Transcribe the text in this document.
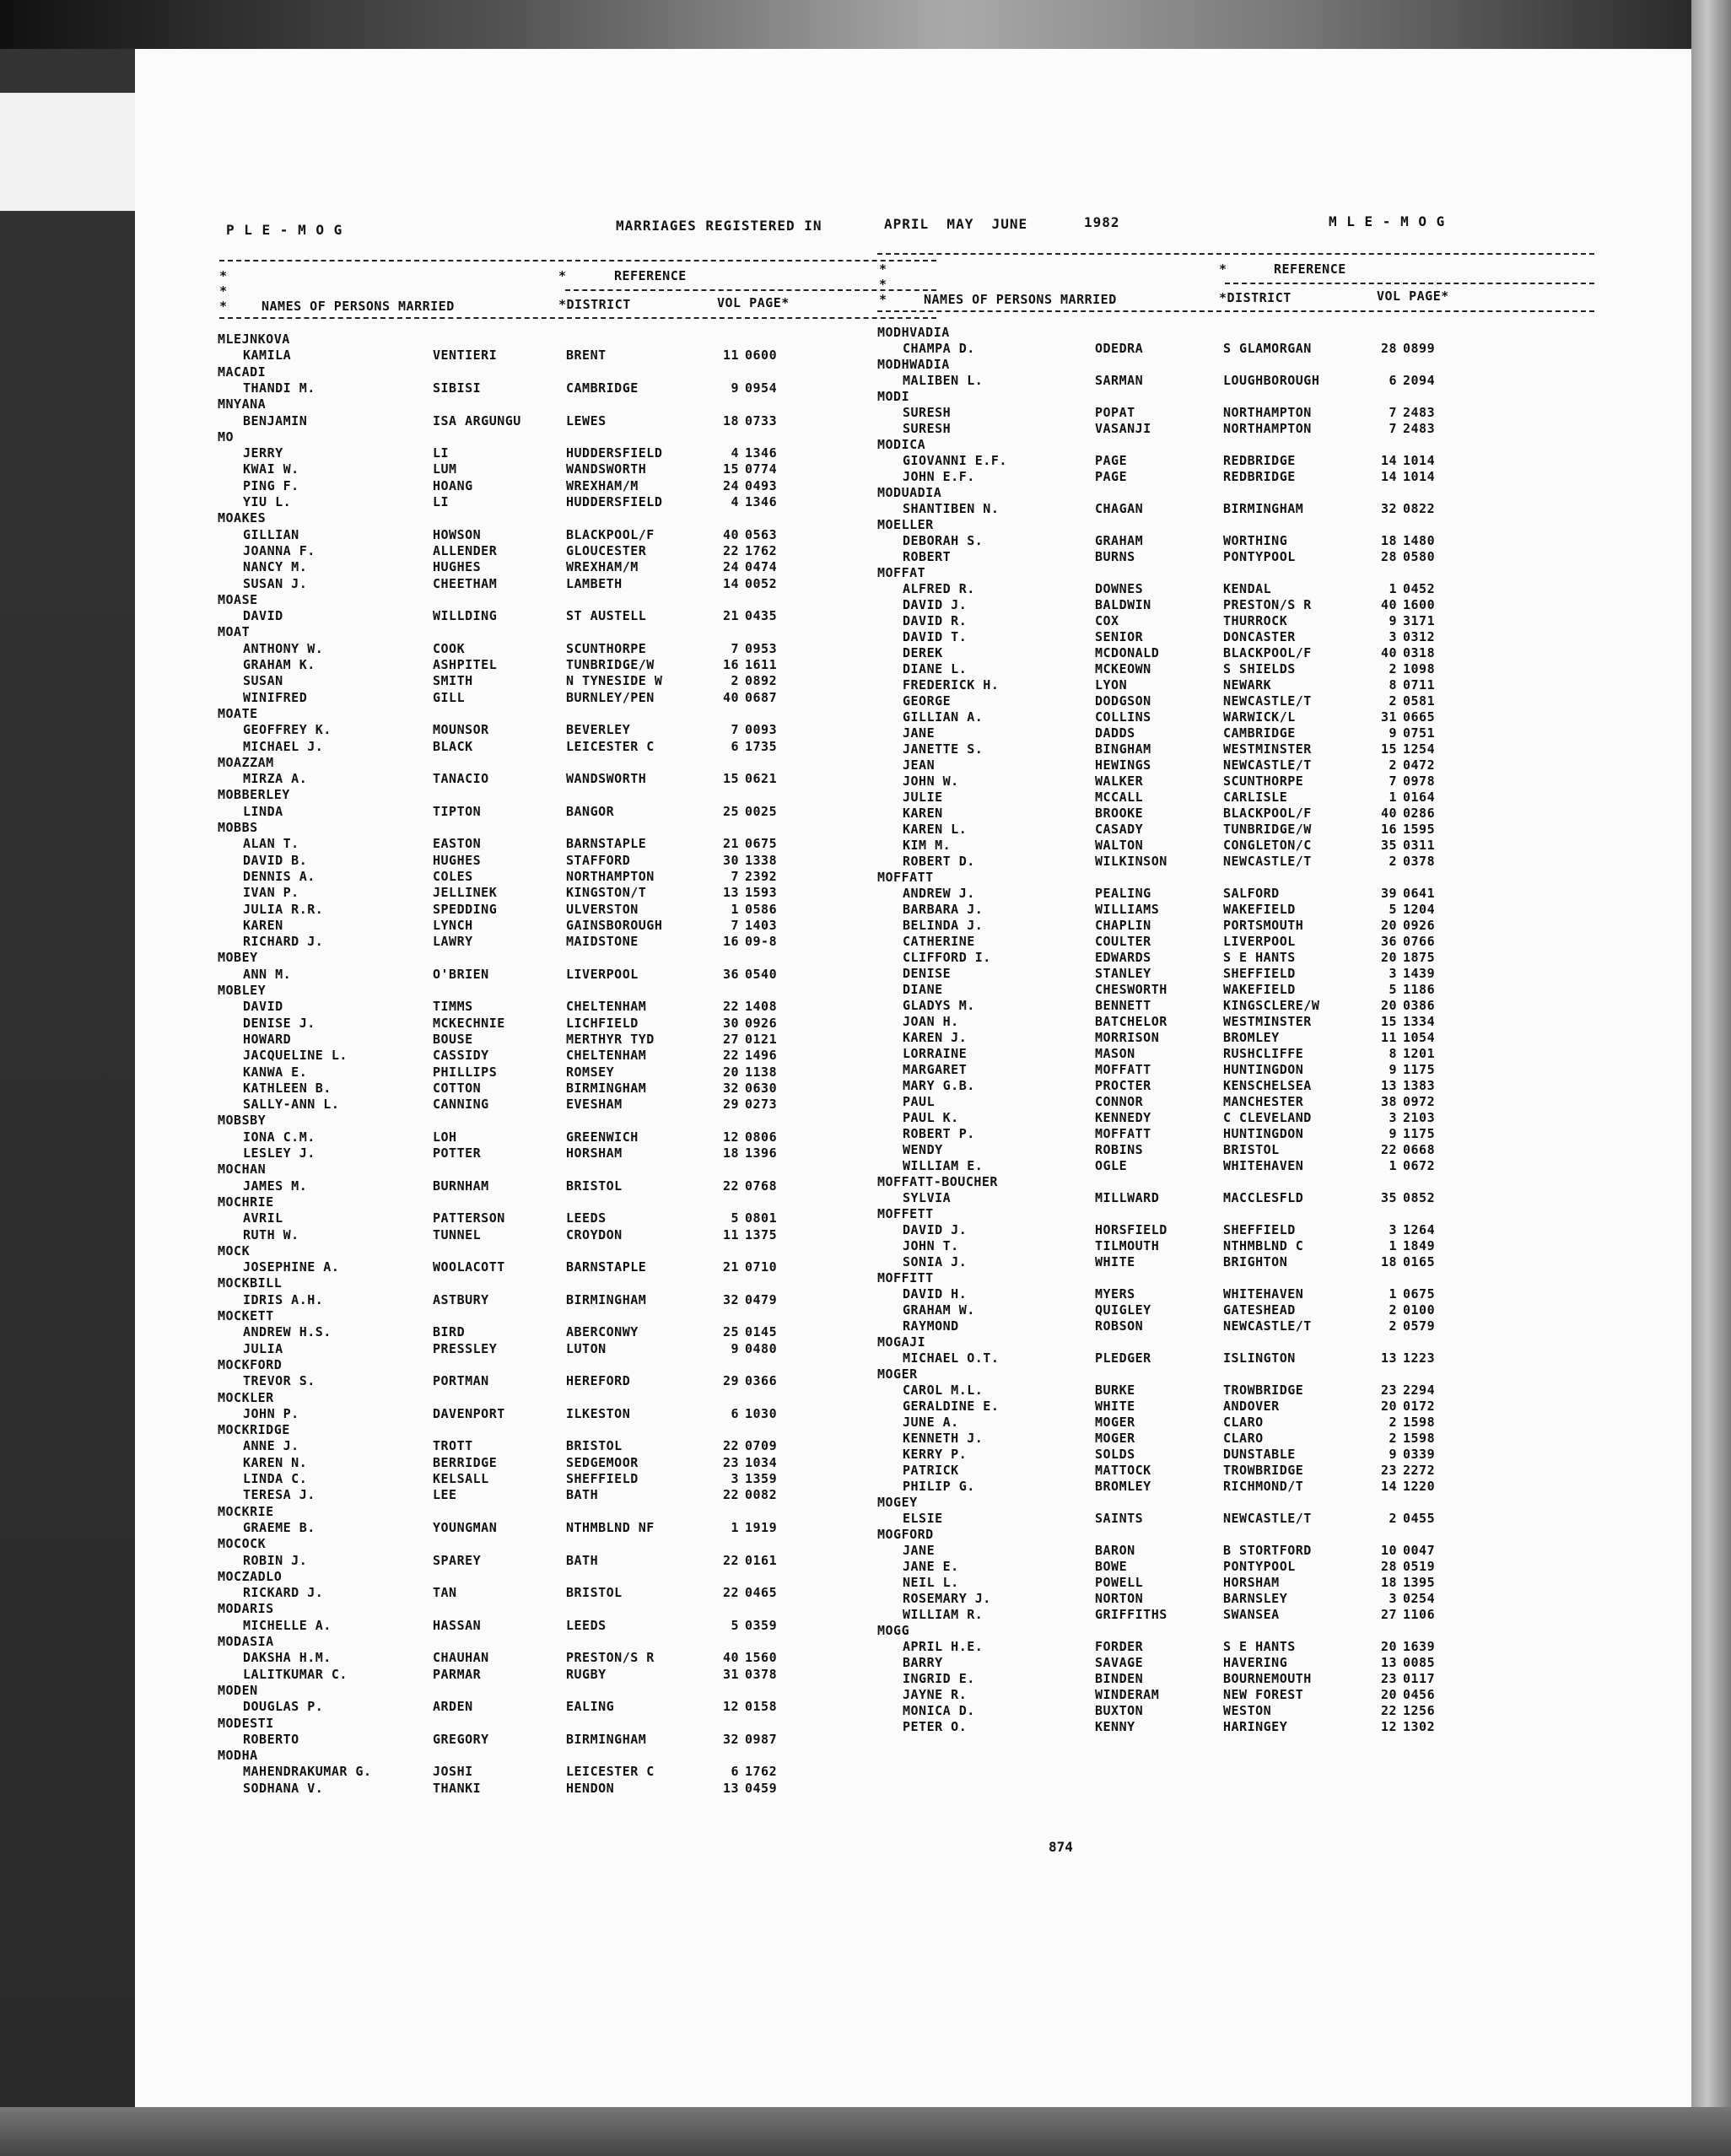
P L E - M O G	MARRIAGES REGISTERED IN	APRIL  MAY  JUNE	1982	M L E - M O G
*
*
*
*	REFERENCE
NAMES OF PERSONS MARRIED	*DISTRICT	VOL PAGE*
*
*
*
*	REFERENCE
NAMES OF PERSONS MARRIED	*DISTRICT	VOL PAGE*
MLEJNKOVA
KAMILA	VENTIERI	BRENT	11 0600
MACADI
THANDI M.	SIBISI	CAMBRIDGE	9 0954
MNYANA
BENJAMIN	ISA ARGUNGU	LEWES	18 0733
MO
JERRY	LI	HUDDERSFIELD	4 1346
KWAI W.	LUM	WANDSWORTH	15 0774
PING F.	HOANG	WREXHAM/M	24 0493
YIU L.	LI	HUDDERSFIELD	4 1346
MOAKES
GILLIAN	HOWSON	BLACKPOOL/F	40 0563
JOANNA F.	ALLENDER	GLOUCESTER	22 1762
NANCY M.	HUGHES	WREXHAM/M	24 0474
SUSAN J.	CHEETHAM	LAMBETH	14 0052
MOASE
DAVID	WILLDING	ST AUSTELL	21 0435
MOAT
ANTHONY W.	COOK	SCUNTHORPE	7 0953
GRAHAM K.	ASHPITEL	TUNBRIDGE/W	16 1611
SUSAN	SMITH	N TYNESIDE W	2 0892
WINIFRED	GILL	BURNLEY/PEN	40 0687
MOATE
GEOFFREY K.	MOUNSOR	BEVERLEY	7 0093
MICHAEL J.	BLACK	LEICESTER C	6 1735
MOAZZAM
MIRZA A.	TANACIO	WANDSWORTH	15 0621
MOBBERLEY
LINDA	TIPTON	BANGOR	25 0025
MOBBS
ALAN T.	EASTON	BARNSTAPLE	21 0675
DAVID B.	HUGHES	STAFFORD	30 1338
DENNIS A.	COLES	NORTHAMPTON	7 2392
IVAN P.	JELLINEK	KINGSTON/T	13 1593
JULIA R.R.	SPEDDING	ULVERSTON	1 0586
KAREN	LYNCH	GAINSBOROUGH	7 1403
RICHARD J.	LAWRY	MAIDSTONE	16 09-8
MOBEY
ANN M.	O'BRIEN	LIVERPOOL	36 0540
MOBLEY
DAVID	TIMMS	CHELTENHAM	22 1408
DENISE J.	MCKECHNIE	LICHFIELD	30 0926
HOWARD	BOUSE	MERTHYR TYD	27 0121
JACQUELINE L.	CASSIDY	CHELTENHAM	22 1496
KANWA E.	PHILLIPS	ROMSEY	20 1138
KATHLEEN B.	COTTON	BIRMINGHAM	32 0630
SALLY-ANN L.	CANNING	EVESHAM	29 0273
MOBSBY
IONA C.M.	LOH	GREENWICH	12 0806
LESLEY J.	POTTER	HORSHAM	18 1396
MOCHAN
JAMES M.	BURNHAM	BRISTOL	22 0768
MOCHRIE
AVRIL	PATTERSON	LEEDS	5 0801
RUTH W.	TUNNEL	CROYDON	11 1375
MOCK
JOSEPHINE A.	WOOLACOTT	BARNSTAPLE	21 0710
MOCKBILL
IDRIS A.H.	ASTBURY	BIRMINGHAM	32 0479
MOCKETT
ANDREW H.S.	BIRD	ABERCONWY	25 0145
JULIA	PRESSLEY	LUTON	9 0480
MOCKFORD
TREVOR S.	PORTMAN	HEREFORD	29 0366
MOCKLER
JOHN P.	DAVENPORT	ILKESTON	6 1030
MOCKRIDGE
ANNE J.	TROTT	BRISTOL	22 0709
KAREN N.	BERRIDGE	SEDGEMOOR	23 1034
LINDA C.	KELSALL	SHEFFIELD	3 1359
TERESA J.	LEE	BATH	22 0082
MOCKRIE
GRAEME B.	YOUNGMAN	NTHMBLND NF	1 1919
MOCOCK
ROBIN J.	SPAREY	BATH	22 0161
MOCZADLO
RICKARD J.	TAN	BRISTOL	22 0465
MODARIS
MICHELLE A.	HASSAN	LEEDS	5 0359
MODASIA
DAKSHA H.M.	CHAUHAN	PRESTON/S R	40 1560
LALITKUMAR C.	PARMAR	RUGBY	31 0378
MODEN
DOUGLAS P.	ARDEN	EALING	12 0158
MODESTI
ROBERTO	GREGORY	BIRMINGHAM	32 0987
MODHA
MAHENDRAKUMAR G.	JOSHI	LEICESTER C	6 1762
SODHANA V.	THANKI	HENDON	13 0459
MODHVADIA
CHAMPA D.	ODEDRA	S GLAMORGAN	28 0899
MODHWADIA
MALIBEN L.	SARMAN	LOUGHBOROUGH	6 2094
MODI
SURESH	POPAT	NORTHAMPTON	7 2483
SURESH	VASANJI	NORTHAMPTON	7 2483
MODICA
GIOVANNI E.F.	PAGE	REDBRIDGE	14 1014
JOHN E.F.	PAGE	REDBRIDGE	14 1014
MODUADIA
SHANTIBEN N.	CHAGAN	BIRMINGHAM	32 0822
MOELLER
DEBORAH S.	GRAHAM	WORTHING	18 1480
ROBERT	BURNS	PONTYPOOL	28 0580
MOFFAT
ALFRED R.	DOWNES	KENDAL	1 0452
DAVID J.	BALDWIN	PRESTON/S R	40 1600
DAVID R.	COX	THURROCK	9 3171
DAVID T.	SENIOR	DONCASTER	3 0312
DEREK	MCDONALD	BLACKPOOL/F	40 0318
DIANE L.	MCKEOWN	S SHIELDS	2 1098
FREDERICK H.	LYON	NEWARK	8 0711
GEORGE	DODGSON	NEWCASTLE/T	2 0581
GILLIAN A.	COLLINS	WARWICK/L	31 0665
JANE	DADDS	CAMBRIDGE	9 0751
JANETTE S.	BINGHAM	WESTMINSTER	15 1254
JEAN	HEWINGS	NEWCASTLE/T	2 0472
JOHN W.	WALKER	SCUNTHORPE	7 0978
JULIE	MCCALL	CARLISLE	1 0164
KAREN	BROOKE	BLACKPOOL/F	40 0286
KAREN L.	CASADY	TUNBRIDGE/W	16 1595
KIM M.	WALTON	CONGLETON/C	35 0311
ROBERT D.	WILKINSON	NEWCASTLE/T	2 0378
MOFFATT
ANDREW J.	PEALING	SALFORD	39 0641
BARBARA J.	WILLIAMS	WAKEFIELD	5 1204
BELINDA J.	CHAPLIN	PORTSMOUTH	20 0926
CATHERINE	COULTER	LIVERPOOL	36 0766
CLIFFORD I.	EDWARDS	S E HANTS	20 1875
DENISE	STANLEY	SHEFFIELD	3 1439
DIANE	CHESWORTH	WAKEFIELD	5 1186
GLADYS M.	BENNETT	KINGSCLERE/W	20 0386
JOAN H.	BATCHELOR	WESTMINSTER	15 1334
KAREN J.	MORRISON	BROMLEY	11 1054
LORRAINE	MASON	RUSHCLIFFE	8 1201
MARGARET	MOFFATT	HUNTINGDON	9 1175
MARY G.B.	PROCTER	KENSCHELSEA	13 1383
PAUL	CONNOR	MANCHESTER	38 0972
PAUL K.	KENNEDY	C CLEVELAND	3 2103
ROBERT P.	MOFFATT	HUNTINGDON	9 1175
WENDY	ROBINS	BRISTOL	22 0668
WILLIAM E.	OGLE	WHITEHAVEN	1 0672
MOFFATT-BOUCHER
SYLVIA	MILLWARD	MACCLESFLD	35 0852
MOFFETT
DAVID J.	HORSFIELD	SHEFFIELD	3 1264
JOHN T.	TILMOUTH	NTHMBLND C	1 1849
SONIA J.	WHITE	BRIGHTON	18 0165
MOFFITT
DAVID H.	MYERS	WHITEHAVEN	1 0675
GRAHAM W.	QUIGLEY	GATESHEAD	2 0100
RAYMOND	ROBSON	NEWCASTLE/T	2 0579
MOGAJI
MICHAEL O.T.	PLEDGER	ISLINGTON	13 1223
MOGER
CAROL M.L.	BURKE	TROWBRIDGE	23 2294
GERALDINE E.	WHITE	ANDOVER	20 0172
JUNE A.	MOGER	CLARO	2 1598
KENNETH J.	MOGER	CLARO	2 1598
KERRY P.	SOLDS	DUNSTABLE	9 0339
PATRICK	MATTOCK	TROWBRIDGE	23 2272
PHILIP G.	BROMLEY	RICHMOND/T	14 1220
MOGEY
ELSIE	SAINTS	NEWCASTLE/T	2 0455
MOGFORD
JANE	BARON	B STORTFORD	10 0047
JANE E.	BOWE	PONTYPOOL	28 0519
NEIL L.	POWELL	HORSHAM	18 1395
ROSEMARY J.	NORTON	BARNSLEY	3 0254
WILLIAM R.	GRIFFITHS	SWANSEA	27 1106
MOGG
APRIL H.E.	FORDER	S E HANTS	20 1639
BARRY	SAVAGE	HAVERING	13 0085
INGRID E.	BINDEN	BOURNEMOUTH	23 0117
JAYNE R.	WINDERAM	NEW FOREST	20 0456
MONICA D.	BUXTON	WESTON	22 1256
PETER O.	KENNY	HARINGEY	12 1302
874
